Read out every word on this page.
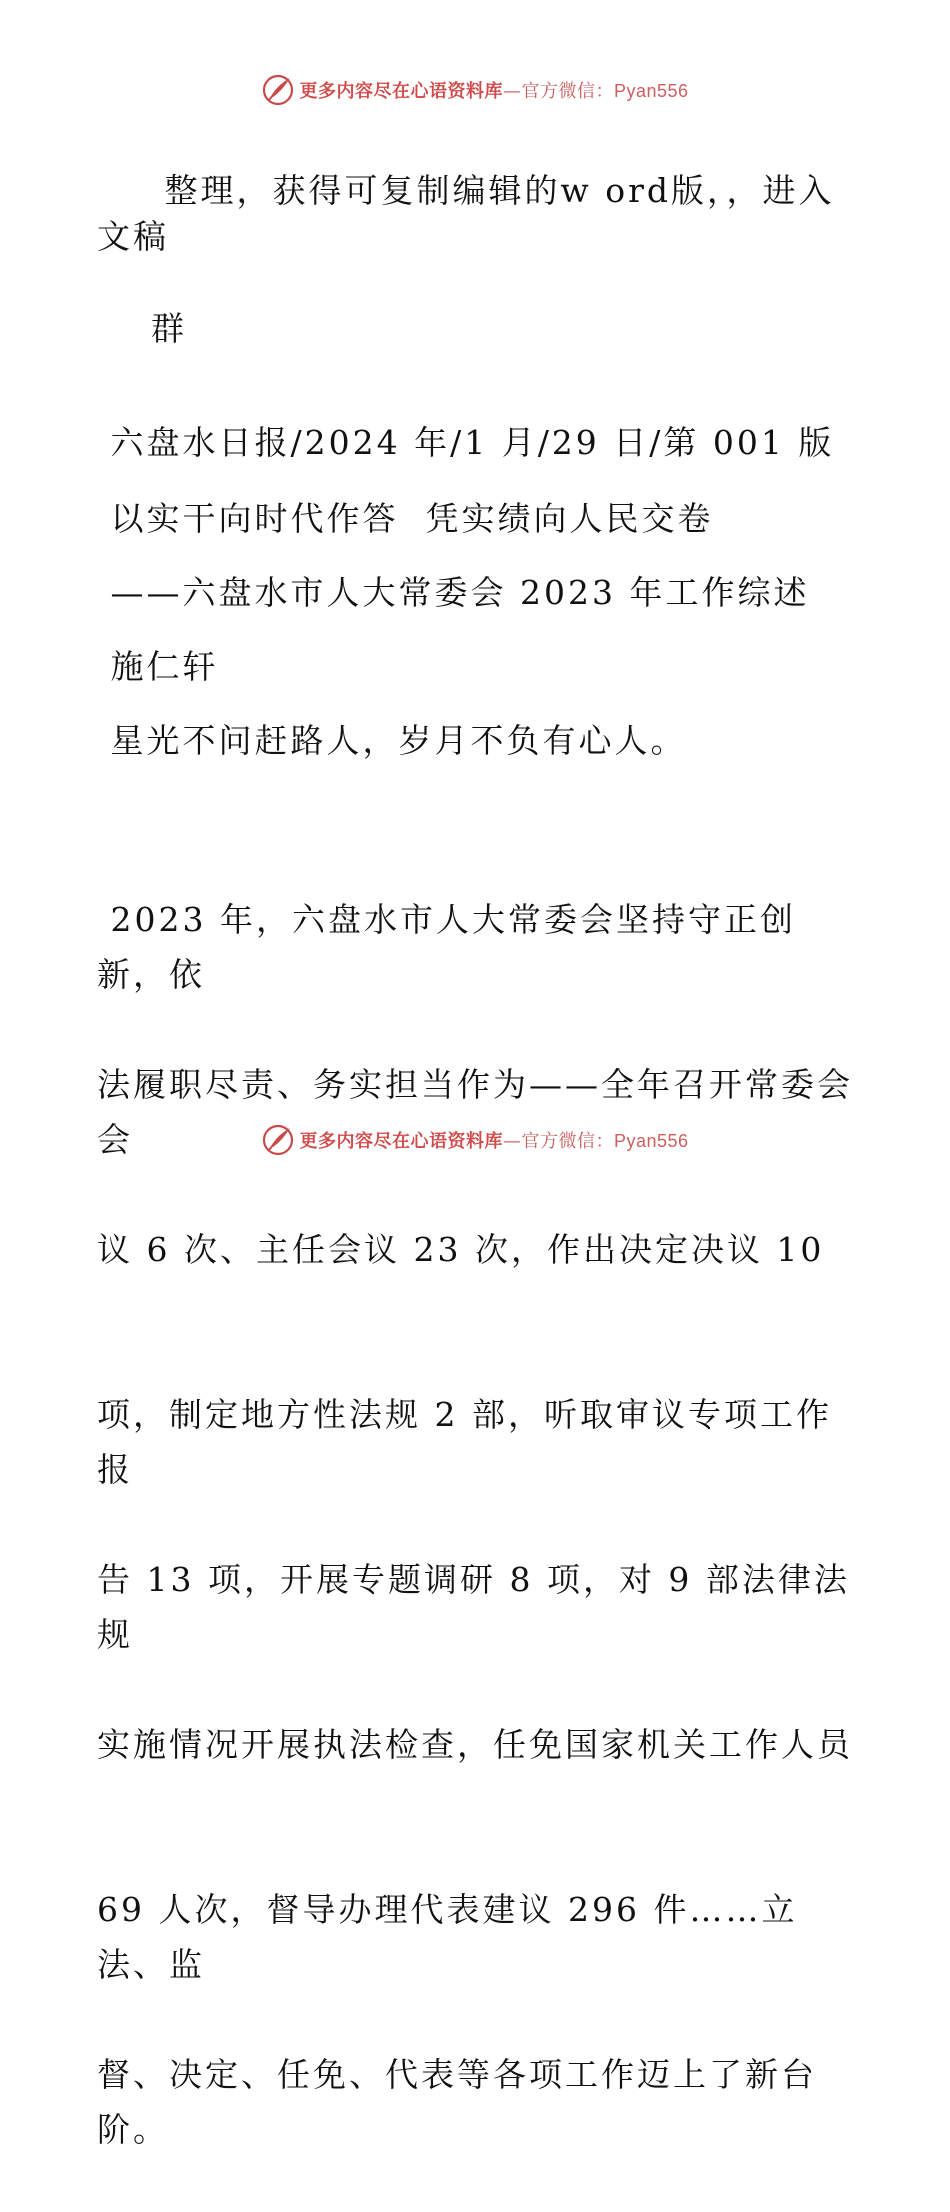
更多内容尽在心语资料库—官方微信：Pyan556

整理，获得可复制编辑的w ord版，，进入文稿

群

六盘水日报/2024 年/1 月/29 日/第 001 版
以实干向时代作答  凭实绩向人民交卷
——六盘水市人大常委会 2023 年工作综述
施仁轩
星光不问赶路人，岁月不负有心人。

2023 年，六盘水市人大常委会坚持守正创新，依

法履职尽责、务实担当作为——全年召开常委会会

议 6 次、主任会议 23 次，作出决定决议 10

项，制定地方性法规 2 部，听取审议专项工作报

告 13 项，开展专题调研 8 项，对 9 部法律法规

实施情况开展执法检查，任免国家机关工作人员

69 人次，督导办理代表建议 296 件……立法、监

督、决定、任免、代表等各项工作迈上了新台阶。

更多内容尽在心语资料库—官方微信：Pyan556
